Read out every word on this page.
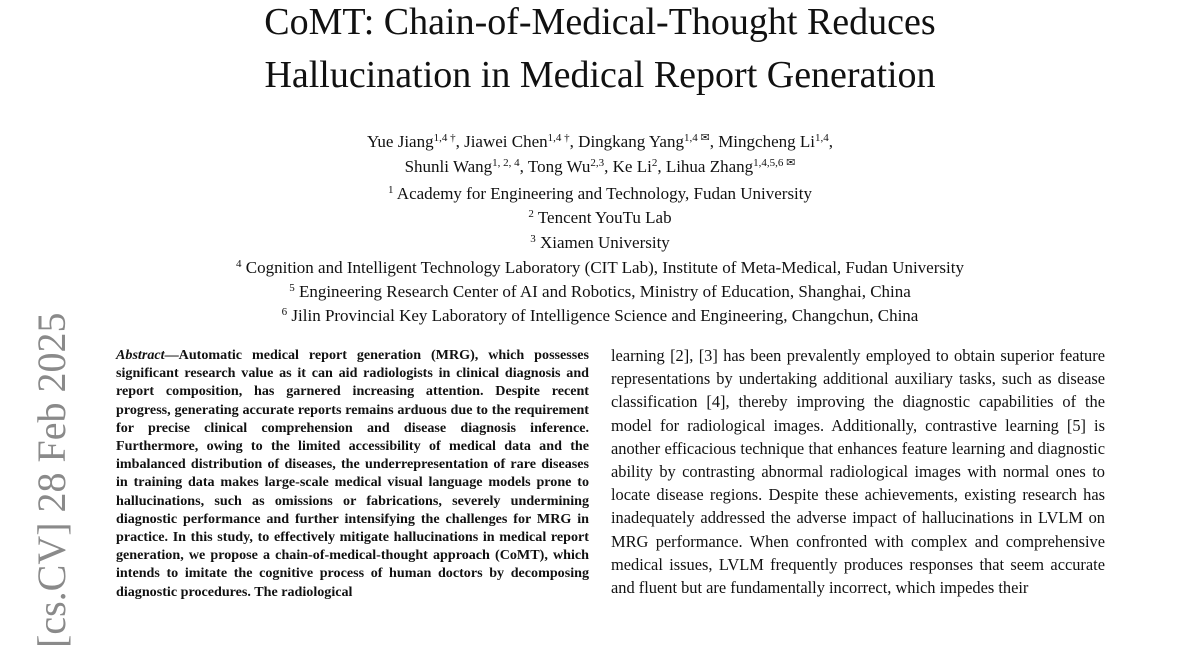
CoMT: Chain-of-Medical-Thought Reduces
Hallucination in Medical Report Generation
Yue Jiang$^{1,4 \dagger}$, Jiawei Chen$^{1,4 \dagger}$, Dingkang Yang$^{1,4 ✉}$, Mingcheng Li$^{1,4}$,
Shunli Wang$^{1, 2, 4}$, Tong Wu$^{2,3}$, Ke Li$^2$, Lihua Zhang$^{1,4,5,6 ✉}$
$^1$ Academy for Engineering and Technology, Fudan University
$^2$ Tencent YouTu Lab
$^3$ Xiamen University
$^4$ Cognition and Intelligent Technology Laboratory (CIT Lab), Institute of Meta-Medical, Fudan University
$^5$ Engineering Research Center of AI and Robotics, Ministry of Education, Shanghai, China
$^6$ Jilin Provincial Key Laboratory of Intelligence Science and Engineering, Changchun, China
[cs.CV] 28 Feb 2025	Abstract—Automatic medical report generation (MRG), which possesses significant research value as it can aid radiologists in clinical diagnosis and report composition, has garnered increasing attention. Despite recent progress, generating accurate reports remains arduous due to the requirement for precise clinical comprehension and disease diagnosis inference. Furthermore, owing to the limited accessibility of medical data and the imbalanced distribution of diseases, the underrepresentation of rare diseases in training data makes large-scale medical visual language models prone to hallucinations, such as omissions or fabrications, severely undermining diagnostic performance and further intensifying the challenges for MRG in practice. In this study, to effectively mitigate hallucinations in medical report generation, we propose a chain-of-medical-thought approach (CoMT), which intends to imitate the cognitive process of human doctors by decomposing diagnostic procedures. The radiological
learning [2], [3] has been prevalently employed to obtain superior feature representations by undertaking additional auxiliary tasks, such as disease classification [4], thereby improving the diagnostic capabilities of the model for radiological images. Additionally, contrastive learning [5] is another efficacious technique that enhances feature learning and diagnostic ability by contrasting abnormal radiological images with normal ones to locate disease regions. Despite these achievements, existing research has inadequately addressed the adverse impact of hallucinations in LVLM on MRG performance. When confronted with complex and comprehensive medical issues, LVLM frequently produces responses that seem accurate and fluent but are fundamentally incorrect, which impedes their
